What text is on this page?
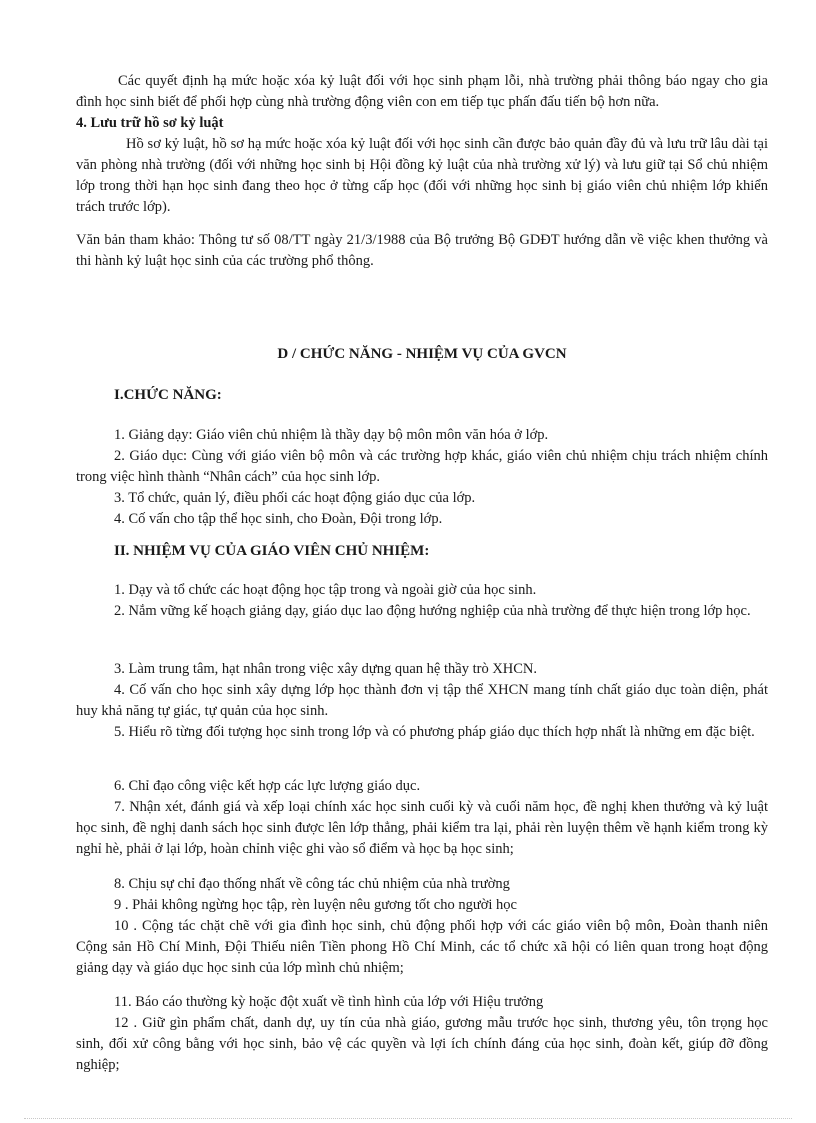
Các quyết định hạ mức hoặc xóa kỷ luật đối với học sinh phạm lỗi, nhà trường phải thông báo ngay cho gia đình học sinh biết để phối hợp cùng nhà trường động viên con em tiếp tục phấn đấu tiến bộ hơn nữa.

4. Lưu trữ hồ sơ kỷ luật

Hồ sơ kỷ luật, hồ sơ hạ mức hoặc xóa kỷ luật đối với học sinh cần được bảo quản đầy đủ và lưu trữ lâu dài tại văn phòng nhà trường (đối với những học sinh bị Hội đồng kỷ luật của nhà trường xử lý) và lưu giữ tại Sổ chủ nhiệm lớp trong thời hạn học sinh đang theo học ở từng cấp học (đối với những học sinh bị giáo viên chủ nhiệm lớp khiển trách trước lớp).

Văn bản tham khảo: Thông tư số 08/TT ngày 21/3/1988 của Bộ trưởng Bộ GDĐT hướng dẫn về việc khen thưởng và thi hành kỷ luật học sinh của các trường phổ thông.

D / CHỨC NĂNG - NHIỆM VỤ CỦA GVCN

I.CHỨC NĂNG:

1. Giảng dạy: Giáo viên chủ nhiệm là thầy dạy bộ môn môn văn hóa ở lớp.

2. Giáo dục: Cùng với giáo viên bộ môn và các trường hợp khác, giáo viên chủ nhiệm chịu trách nhiệm chính trong việc hình thành “Nhân cách” của học sinh lớp.

3. Tổ chức, quản lý, điều phối các hoạt động giáo dục của lớp.

4. Cố vấn cho tập thể học sinh, cho Đoàn, Đội trong lớp.

II. NHIỆM VỤ CỦA GIÁO VIÊN CHỦ NHIỆM:

1. Dạy và tổ chức các hoạt động học tập trong và ngoài giờ của học sinh.

2. Nắm vững kế hoạch giảng dạy, giáo dục lao động hướng nghiệp của nhà trường để thực hiện trong lớp học.

3. Làm trung tâm, hạt nhân trong việc xây dựng quan hệ thầy trò XHCN.

4. Cố vấn cho học sinh xây dựng lớp học thành đơn vị tập thể XHCN mang tính chất giáo dục toàn diện, phát huy khả năng tự giác, tự quản của học sinh.

5. Hiểu rõ từng đối tượng học sinh trong lớp và có phương pháp giáo dục thích hợp nhất là những em đặc biệt.

6. Chỉ đạo công việc kết hợp các lực lượng giáo dục.

7. Nhận xét, đánh giá và xếp loại chính xác học sinh cuối kỳ và cuối năm học, đề nghị khen thưởng và kỷ luật học sinh, đề nghị danh sách học sinh được lên lớp thẳng, phải kiểm tra lại, phải rèn luyện thêm về hạnh kiểm trong kỳ nghỉ hè, phải ở lại lớp, hoàn chỉnh việc ghi vào sổ điểm và học bạ học sinh;

8. Chịu sự chỉ đạo thống nhất về công tác chủ nhiệm của nhà trường

9 . Phải không ngừng học tập, rèn luyện nêu gương tốt cho người học

10 . Cộng tác chặt chẽ với gia đình học sinh, chủ động phối hợp với các giáo viên bộ môn, Đoàn thanh niên Cộng sản Hồ Chí Minh, Đội Thiếu niên Tiền phong Hồ Chí Minh, các tổ chức xã hội có liên quan trong hoạt động giảng dạy và giáo dục học sinh của lớp mình chủ nhiệm;

11. Báo cáo thường kỳ hoặc đột xuất về tình hình của lớp với Hiệu trưởng

12 . Giữ gìn phẩm chất, danh dự, uy tín của nhà giáo, gương mẫu trước học sinh, thương yêu, tôn trọng học sinh, đối xử công bằng với học sinh, bảo vệ các quyền và lợi ích chính đáng của học sinh, đoàn kết, giúp đỡ đồng nghiệp;
